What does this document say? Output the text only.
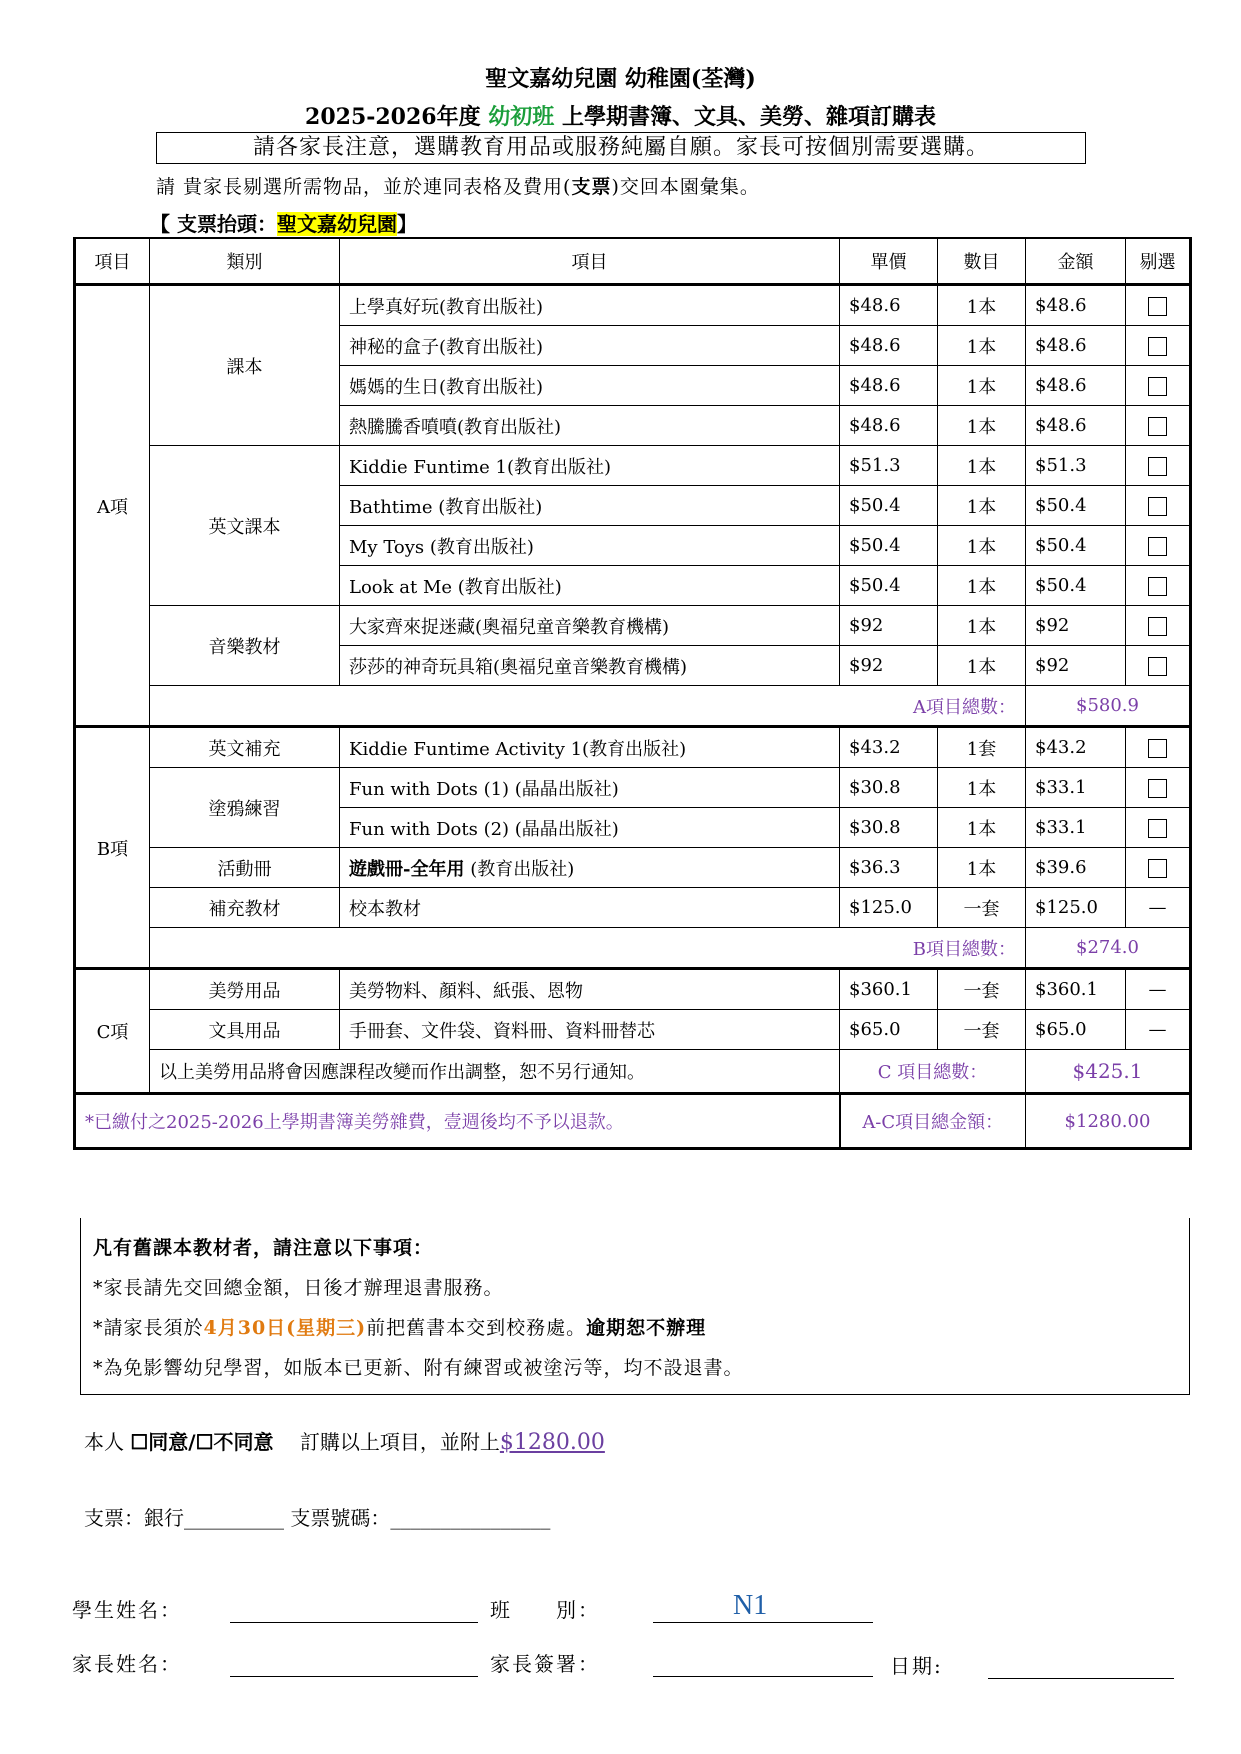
聖文嘉幼兒園 幼稚園(荃灣)
2025-2026年度 幼初班 上學期書簿、文具、美勞、雜項訂購表
請各家長注意，選購教育用品或服務純屬自願。家長可按個別需要選購。
請 貴家長剔選所需物品，並於連同表格及費用(支票)交回本園彙集。
【 支票抬頭：聖文嘉幼兒園】
項目	類別	項目	單價	數目	金額	剔選
A項	課本	上學真好玩(教育出版社)	$48.6	1本	$48.6	
		神秘的盒子(教育出版社)	$48.6	1本	$48.6	
		媽媽的生日(教育出版社)	$48.6	1本	$48.6	
		熱騰騰香噴噴(教育出版社)	$48.6	1本	$48.6	
	英文課本	Kiddie Funtime 1(教育出版社)	$51.3	1本	$51.3	
		Bathtime (教育出版社)	$50.4	1本	$50.4	
		My Toys (教育出版社)	$50.4	1本	$50.4	
		Look at Me (教育出版社)	$50.4	1本	$50.4	
	音樂教材	大家齊來捉迷藏(奧福兒童音樂教育機構)	$92	1本	$92	
		莎莎的神奇玩具箱(奧福兒童音樂教育機構)	$92	1本	$92	
	A項目總數：				$580.9	
B項	英文補充	Kiddie Funtime Activity 1(教育出版社)	$43.2	1套	$43.2	
	塗鴉練習	Fun with Dots (1) (晶晶出版社)	$30.8	1本	$33.1	
		Fun with Dots (2) (晶晶出版社)	$30.8	1本	$33.1	
	活動冊	遊戲冊-全年用 (教育出版社)	$36.3	1本	$39.6	
	補充教材	校本教材	$125.0	一套	$125.0	—
	B項目總數：				$274.0	
C項	美勞用品	美勞物料、顏料、紙張、恩物	$360.1	一套	$360.1	—
	文具用品	手冊套、文件袋、資料冊、資料冊替芯	$65.0	一套	$65.0	—
	以上美勞用品將會因應課程改變而作出調整，恕不另行通知。		C 項目總數：		$425.1	
*已繳付之2025-2026上學期書簿美勞雜費，壹週後均不予以退款。			A-C項目總金額：		$1280.00	
凡有舊課本教材者，請注意以下事項：
*家長請先交回總金額，日後才辦理退書服務。
*請家長須於4月30日(星期三)前把舊書本交到校務處。逾期恕不辦理
*為免影響幼兒學習，如版本已更新、附有練習或被塗污等，均不設退書。
本人 ☐同意/☐不同意　 訂購以上項目，並附上$1280.00
支票：銀行__________ 支票號碼：________________
學生姓名：	班　　別：	N1
家長姓名：	家長簽署：	日期:
